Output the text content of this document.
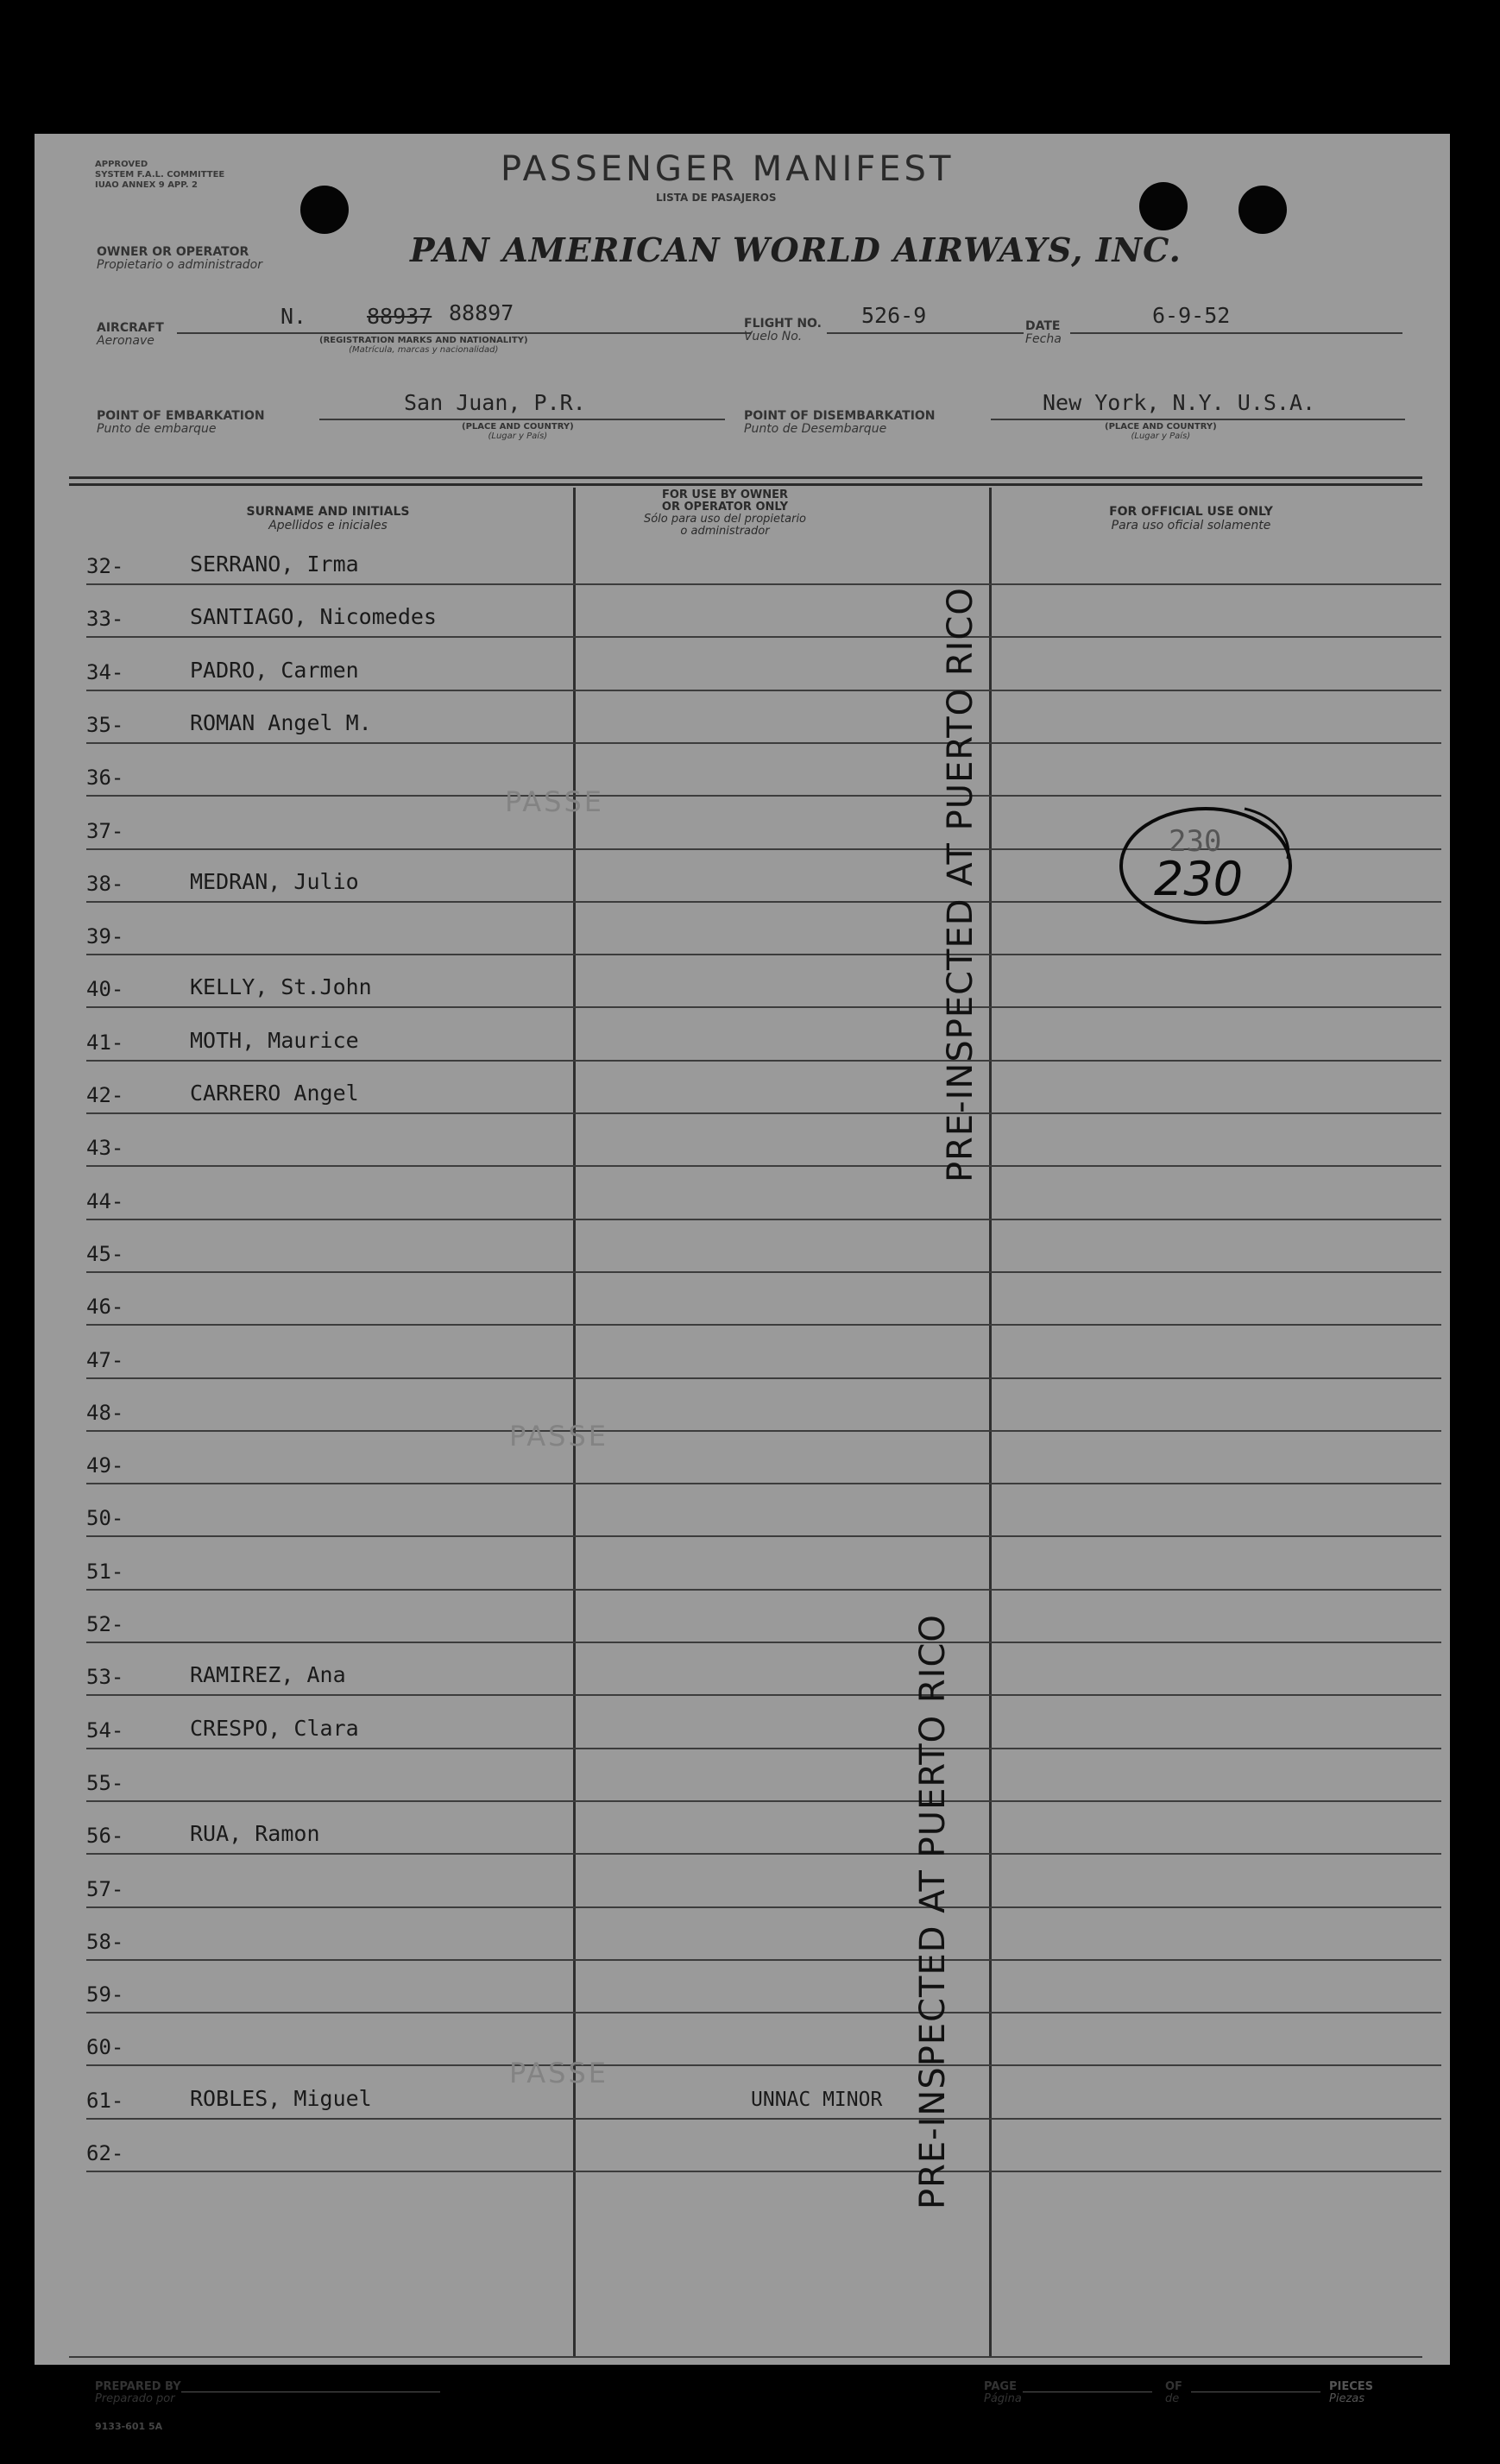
APPROVED
SYSTEM F.A.L. COMMITTEE
IUAO ANNEX 9 APP. 2	PASSENGER MANIFEST
LISTA DE PASAJEROS
OWNER OR OPERATOR
Propietario o administrador	PAN AMERICAN WORLD AIRWAYS, INC.
AIRCRAFT
Aeronave
N.	88937 88897
(REGISTRATION MARKS AND NATIONALITY)
(Matrícula, marcas y nacionalidad)
FLIGHT NO.
Vuelo No.
526-9	DATE
Fecha
6-9-52
POINT OF EMBARKATION
Punto de embarque
San Juan, P.R.
(PLACE AND COUNTRY)
(Lugar y País)
POINT OF DISEMBARKATION
Punto de Desembarque
New York, N.Y. U.S.A.
(PLACE AND COUNTRY)
(Lugar y País)
SURNAME AND INITIALS
Apellidos e iniciales
FOR USE BY OWNER
OR OPERATOR ONLY
Sólo para uso del propietario
o administrador
FOR OFFICIAL USE ONLY
Para uso oficial solamente
32-	SERRANO, Irma
33-	SANTIAGO, Nicomedes
34-	PADRO, Carmen
35-	ROMAN Angel M.
36-
37-
38-	MEDRAN, Julio
39-
40-	KELLY, St.John
41-	MOTH, Maurice
42-	CARRERO Angel
43-
44-
45-
46-
47-
48-
49-
50-
51-
52-
53-	RAMIREZ, Ana
54-	CRESPO, Clara
55-
56-	RUA, Ramon
57-
58-
59-
60-
61-	ROBLES, Miguel	UNNAC MINOR
62-
PASSE
PASSE
PASSE
PRE-INSPECTED AT PUERTO RICO
PRE-INSPECTED AT PUERTO RICO
230
230
PREPARED BY
Preparado por
9133-601 5A
PAGE
Página
OF
de
PIECES
Piezas
